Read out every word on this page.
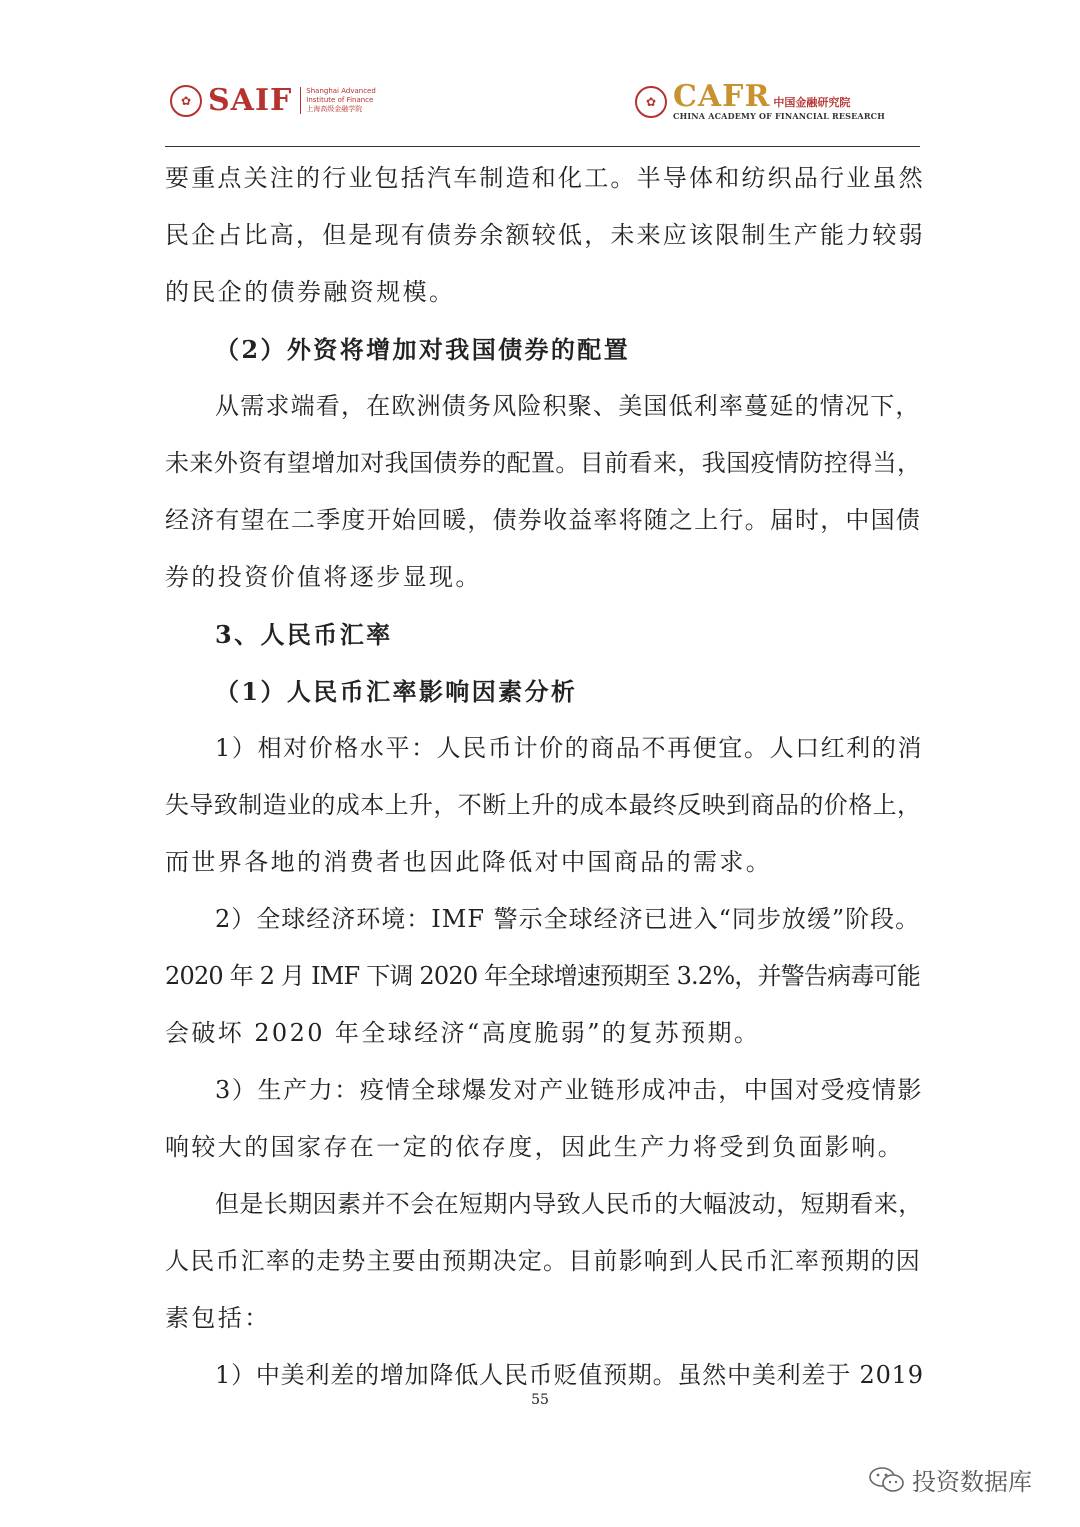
✿ SAIF Shanghai Advanced
Institute of Finance
上海高级金融学院	✿ CAFR 中国金融研究院
CHINA ACADEMY OF FINANCIAL RESEARCH
要重点关注的行业包括汽车制造和化工。半导体和纺织品行业虽然
民企占比高，但是现有债券余额较低，未来应该限制生产能力较弱
的民企的债券融资规模。
（2）外资将增加对我国债券的配置
从需求端看，在欧洲债务风险积聚、美国低利率蔓延的情况下，
未来外资有望增加对我国债券的配置。目前看来，我国疫情防控得当，
经济有望在二季度开始回暖，债券收益率将随之上行。届时，中国债
券的投资价值将逐步显现。
3、人民币汇率
（1）人民币汇率影响因素分析
1）相对价格水平：人民币计价的商品不再便宜。人口红利的消
失导致制造业的成本上升，不断上升的成本最终反映到商品的价格上，
而世界各地的消费者也因此降低对中国商品的需求。
2）全球经济环境：IMF 警示全球经济已进入“同步放缓”阶段。
2020 年 2 月 IMF 下调 2020 年全球增速预期至 3.2%，并警告病毒可能
会破坏 2020 年全球经济“高度脆弱”的复苏预期。
3）生产力：疫情全球爆发对产业链形成冲击，中国对受疫情影
响较大的国家存在一定的依存度，因此生产力将受到负面影响。
但是长期因素并不会在短期内导致人民币的大幅波动，短期看来，
人民币汇率的走势主要由预期决定。目前影响到人民币汇率预期的因
素包括：
1）中美利差的增加降低人民币贬值预期。虽然中美利差于 2019
55
投资数据库
